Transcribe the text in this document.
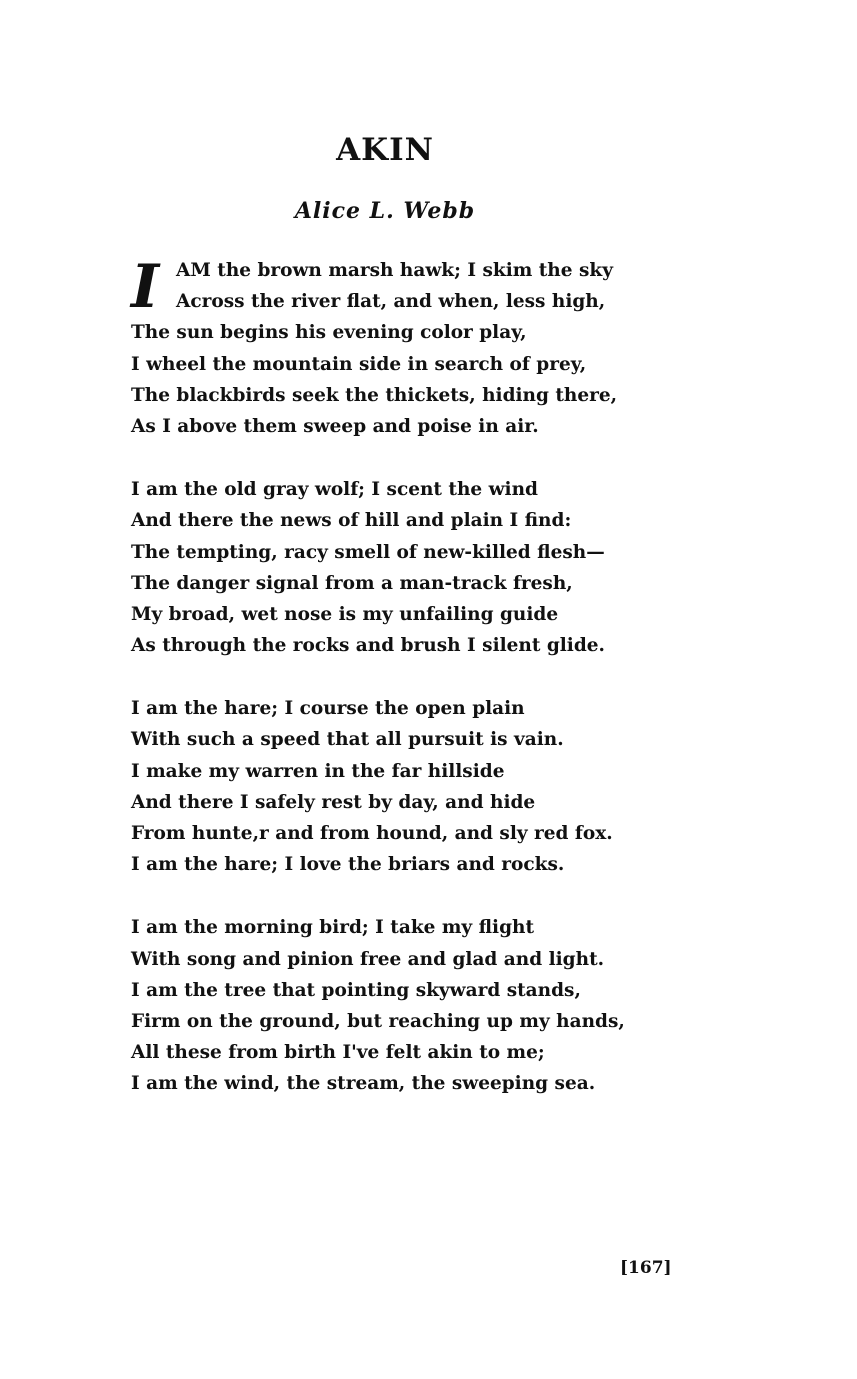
AKIN
Alice L. Webb
I AM the brown marsh hawk; I skim the sky
Across the river flat, and when, less high,
The sun begins his evening color play,
I wheel the mountain side in search of prey,
The blackbirds seek the thickets, hiding there,
As I above them sweep and poise in air.
I am the old gray wolf; I scent the wind
And there the news of hill and plain I find:
The tempting, racy smell of new-killed flesh—
The danger signal from a man-track fresh,
My broad, wet nose is my unfailing guide
As through the rocks and brush I silent glide.
I am the hare; I course the open plain
With such a speed that all pursuit is vain.
I make my warren in the far hillside
And there I safely rest by day, and hide
From hunte,r and from hound, and sly red fox.
I am the hare; I love the briars and rocks.
I am the morning bird; I take my flight
With song and pinion free and glad and light.
I am the tree that pointing skyward stands,
Firm on the ground, but reaching up my hands,
All these from birth I've felt akin to me;
I am the wind, the stream, the sweeping sea.
[167]
